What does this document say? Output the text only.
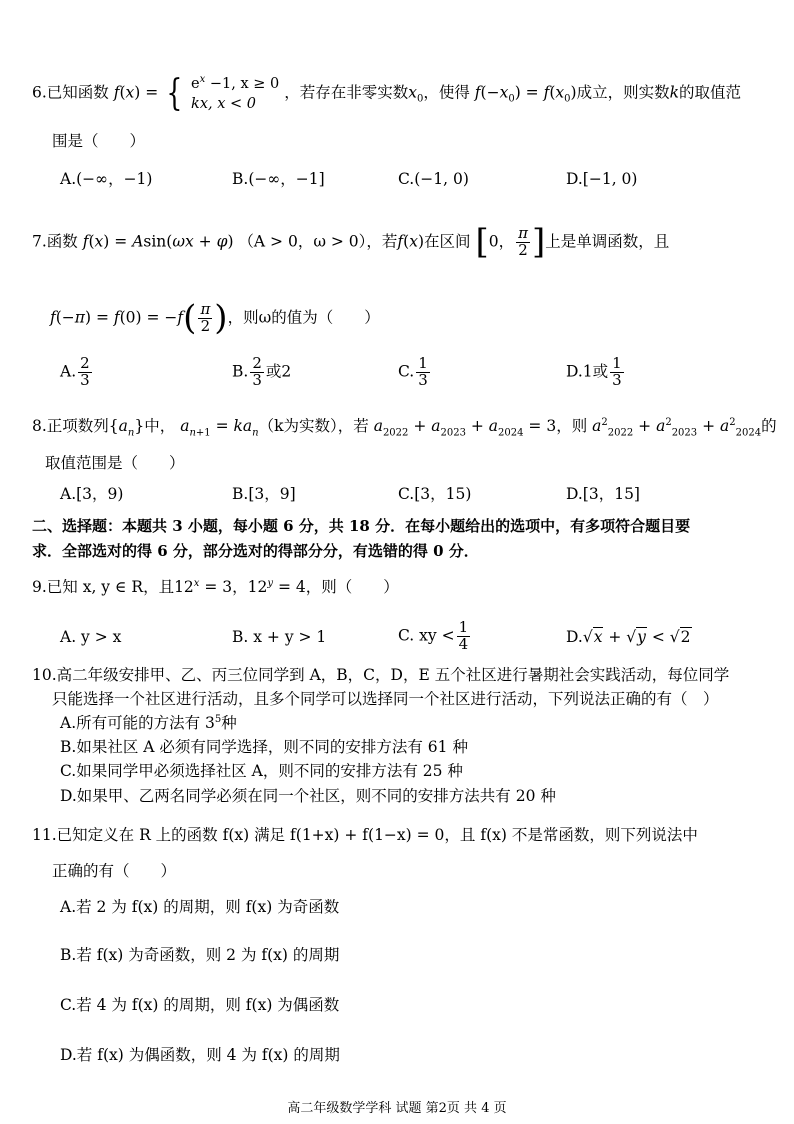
6.已知函数 f(x) = { $e^x -1$, x ≥ 0
kx, x < 0
，若存在非零实数$x_0$，使得 $f(-x_0) = f(x_0)$成立，则实数k的取值范
围是（　　）
A.(−∞，−1)	B.(−∞，−1]	C.(−1, 0)	D.[−1, 0)
7.函数 f(x) = Asin(ωx + φ) （A > 0，ω > 0），若f(x)在区间 [0， $\frac{\pi}{2}$ ]上是单调函数，且
$f(-\pi) = f(0) = -f( \frac{\pi}{2}$ )，则ω的值为（　　）
A. $\frac{2}{3}$	B. $\frac{2}{3}$ 或2	C. $\frac{1}{3}$	D.1或 $\frac{1}{3}$
8.正项数列$\{a_n\}$中， $a_{n+1} = ka_n(k$为实数），若 $a_{2022} + a_{2023} + a_{2024} = 3$，则 $a^2_{2022} + a^2_{2023} + a^2_{2024}$的
取值范围是（　　）
A.[3，9)	B.[3，9]	C.[3，15)	D.[3，15]
二、选择题：本题共 3 小题，每小题 6 分，共 18 分．在每小题给出的选项中，有多项符合题目要
求．全部选对的得 6 分，部分选对的得部分分，有选错的得 0 分．
9.已知 x, y ∈ R，且$12^x = 3$，$12^y = 4$，则（　　）
A. y > x	B. x + y > 1	C. xy < $\frac{1}{4}$	D.√x + √y < √2
10.高二年级安排甲、乙、丙三位同学到 A，B，C，D，E 五个社区进行暑期社会实践活动，每位同学
只能选择一个社区进行活动，且多个同学可以选择同一个社区进行活动，下列说法正确的有（　）
A.所有可能的方法有 $3^5$种
B.如果社区 A 必须有同学选择，则不同的安排方法有 61 种
C.如果同学甲必须选择社区 A，则不同的安排方法有 25 种
D.如果甲、乙两名同学必须在同一个社区，则不同的安排方法共有 20 种
11.已知定义在 R 上的函数 f(x) 满足 f(1+x) + f(1−x) = 0，且 f(x) 不是常函数，则下列说法中
正确的有（　　）
A.若 2 为 f(x) 的周期，则 f(x) 为奇函数
B.若 f(x) 为奇函数，则 2 为 f(x) 的周期
C.若 4 为 f(x) 的周期，则 f(x) 为偶函数
D.若 f(x) 为偶函数，则 4 为 f(x) 的周期
高二年级数学学科 试题 第2页 共 4 页
